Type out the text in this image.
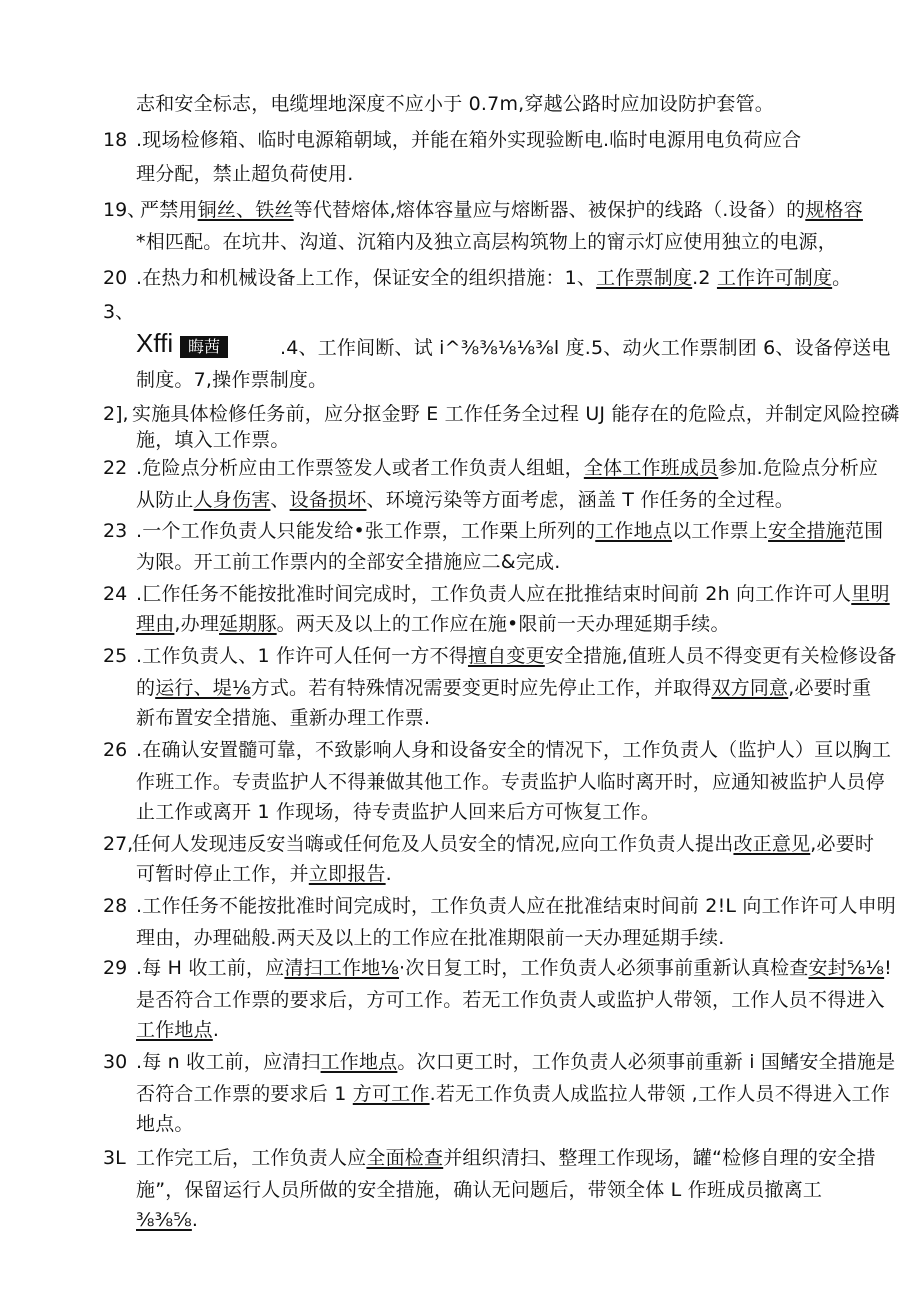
志和安全标志，电缆埋地深度不应小于 0.7m,穿越公路时应加设防护套管。
18 .现场检修箱、临时电源箱朝域，并能在箱外实现验断电.临时电源用电负荷应合
理分配，禁止超负荷使用.
19、
严禁用铜丝、铁丝等代替熔体,熔体容量应与熔断器、被保护的线路（.设备）的规格容
*相匹配。在坑井、沟道、沉箱内及独立高层构筑物上的甯示灯应使用独立的电源，
20 .在热力和机械设备上工作，保证安全的组织措施：1、工作票制度.2 工作许可制度。
3、
Xffi 晦茜	.4、工作间断、试 i^⅜⅜⅛⅛⅜l 度.5、动火工作票制团 6、设备停送电
制度。7,操作票制度。
2], 实施具体检修任务前，应分抠金野 E 工作任务全过程 UJ 能存在的危险点，并制定风险控磷
施，填入工作票。
22 .危险点分析应由工作票签发人或者工作负责人组蛆，全体工作班成员参加.危险点分析应
从防止人身伤害、设备损坏、环境污染等方面考虑，涵盖 T 作任务的全过程。
23 .一个工作负责人只能发给•张工作票，工作栗上所列的工作地点以工作票上安全措施范围
为限。开工前工作票内的全部安全措施应二&完成.
24 .匚作任务不能按批准时间完成时，工作负责人应在批推结束时间前 2h 向工作许可人里明
理由,办理延期豚。两天及以上的工作应在施•限前一天办理延期手续。
25 .工作负责人、1 作许可人任何一方不得擅自变更安全措施,值班人员不得变更有关检修设备
的运行、堤⅛方式。若有特殊情况需要变更时应先停止工作，并取得双方同意,必要时重
新布置安全措施、重新办理工作票.
26 .在确认安置髓可靠，不致影响人身和设备安全的情况下，工作负责人（监护人）亘以胸工
作班工作。专责监护人不得兼做其他工作。专责监护人临时离开时，应通知被监护人员停
止工作或离开 1 作现场，待专责监护人回来后方可恢复工作。
27,
任何人发现违反安当嗨或任何危及人员安全的情况,应向工作负责人提出改正意见,必要时
可暂时停止工作，并立即报告.
28 .工作任务不能按批准时间完成时，工作负责人应在批准结束时间前 2!L 向工作许可人申明
理由，办理础般.两天及以上的工作应在批准期限前一天办理延期手续.
29 .每 H 收工前，应清扫工作地⅛·次日复工时，工作负责人必须事前重新认真检查安封⅝⅛!
是否符合工作票的要求后，方可工作。若无工作负责人或监护人带领，工作人员不得进入
工作地点.
30 .每 n 收工前，应清扫工作地点。次口更工时，工作负责人必须事前重新 i 国鳍安全措施是
否符合工作票的要求后 1 方可工作.若无工作负责人成监拉人带领 ,工作人员不得进入工作
地点。
3L 工作完工后，工作负责人应全面检查并组织清扫、整理工作现场，罐“检修自理的安全措
施”，保留运行人员所做的安全措施，确认无问题后，带领全体 L 作班成员撤离工
⅜⅜⅝.
